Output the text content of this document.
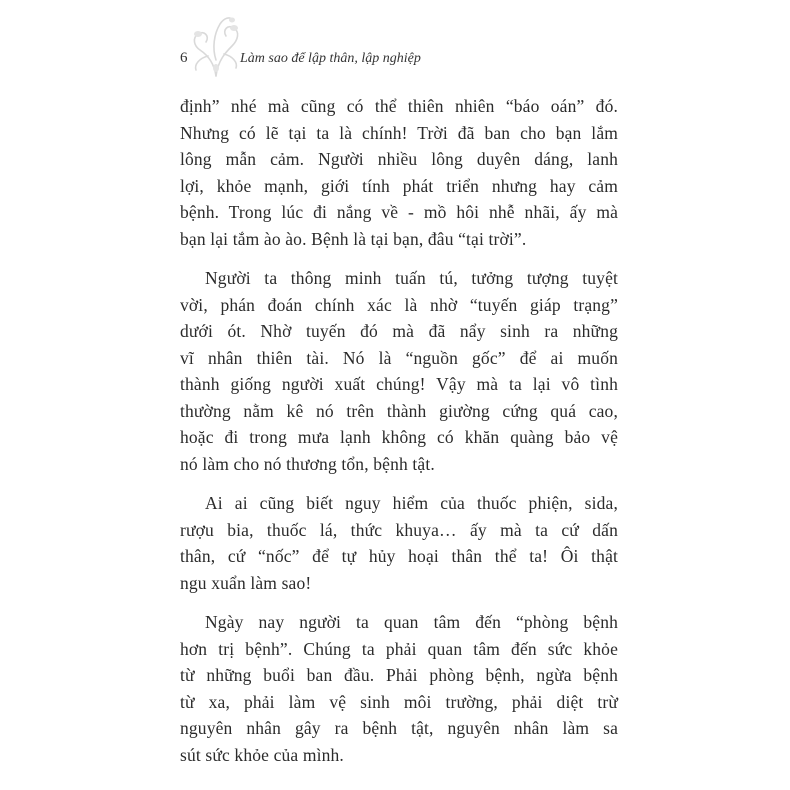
6	Làm sao để lập thân, lập nghiệp
định” nhé mà cũng có thể thiên nhiên “báo oán” đó.
Nhưng có lẽ tại ta là chính! Trời đã ban cho bạn lắm
lông mẫn cảm. Người nhiều lông duyên dáng, lanh
lợi, khỏe mạnh, giới tính phát triển nhưng hay cảm
bệnh. Trong lúc đi nắng về - mồ hôi nhễ nhãi, ấy mà
bạn lại tắm ào ào. Bệnh là tại bạn, đâu “tại trời”.
Người ta thông minh tuấn tú, tưởng tượng tuyệt
vời, phán đoán chính xác là nhờ “tuyến giáp trạng”
dưới ót. Nhờ tuyến đó mà đã nẩy sinh ra những
vĩ nhân thiên tài. Nó là “nguồn gốc” để ai muốn
thành giống người xuất chúng! Vậy mà ta lại vô tình
thường nằm kê nó trên thành giường cứng quá cao,
hoặc đi trong mưa lạnh không có khăn quàng bảo vệ
nó làm cho nó thương tổn, bệnh tật.
Ai ai cũng biết nguy hiểm của thuốc phiện, sida,
rượu bia, thuốc lá, thức khuya… ấy mà ta cứ dấn
thân, cứ “nốc” để tự hủy hoại thân thể ta! Ôi thật
ngu xuẩn làm sao!
Ngày nay người ta quan tâm đến “phòng bệnh
hơn trị bệnh”. Chúng ta phải quan tâm đến sức khỏe
từ những buổi ban đầu. Phải phòng bệnh, ngừa bệnh
từ xa, phải làm vệ sinh môi trường, phải diệt trừ
nguyên nhân gây ra bệnh tật, nguyên nhân làm sa
sút sức khỏe của mình.
